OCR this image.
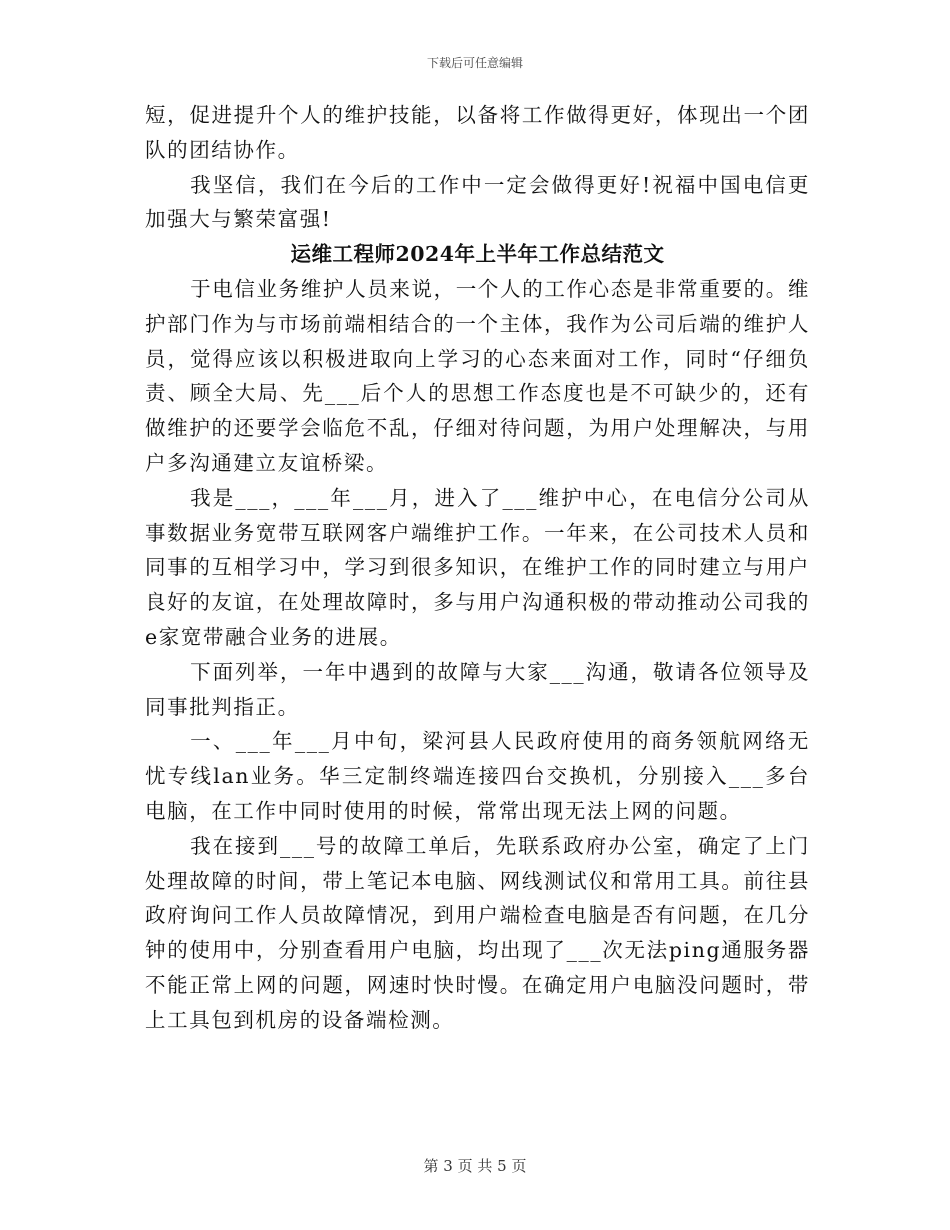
下载后可任意编辑

短，促进提升个人的维护技能，以备将工作做得更好，体现出一个团队的团结协作。

我坚信，我们在今后的工作中一定会做得更好!祝福中国电信更加强大与繁荣富强!

运维工程师2024年上半年工作总结范文

于电信业务维护人员来说，一个人的工作心态是非常重要的。维护部门作为与市场前端相结合的一个主体，我作为公司后端的维护人员，觉得应该以积极进取向上学习的心态来面对工作，同时“仔细负责、顾全大局、先___后个人的思想工作态度也是不可缺少的，还有做维护的还要学会临危不乱，仔细对待问题，为用户处理解决，与用户多沟通建立友谊桥梁。

我是___，___年___月，进入了___维护中心，在电信分公司从事数据业务宽带互联网客户端维护工作。一年来，在公司技术人员和同事的互相学习中，学习到很多知识，在维护工作的同时建立与用户良好的友谊，在处理故障时，多与用户沟通积极的带动推动公司我的e家宽带融合业务的进展。

下面列举，一年中遇到的故障与大家___沟通，敬请各位领导及同事批判指正。

一、___年___月中旬，梁河县人民政府使用的商务领航网络无忧专线lan业务。华三定制终端连接四台交换机，分别接入___多台电脑，在工作中同时使用的时候，常常出现无法上网的问题。

我在接到___号的故障工单后，先联系政府办公室，确定了上门处理故障的时间，带上笔记本电脑、网线测试仪和常用工具。前往县政府询问工作人员故障情况，到用户端检查电脑是否有问题，在几分钟的使用中，分别查看用户电脑，均出现了___次无法ping通服务器不能正常上网的问题，网速时快时慢。在确定用户电脑没问题时，带上工具包到机房的设备端检测。

第 3 页 共 5 页
